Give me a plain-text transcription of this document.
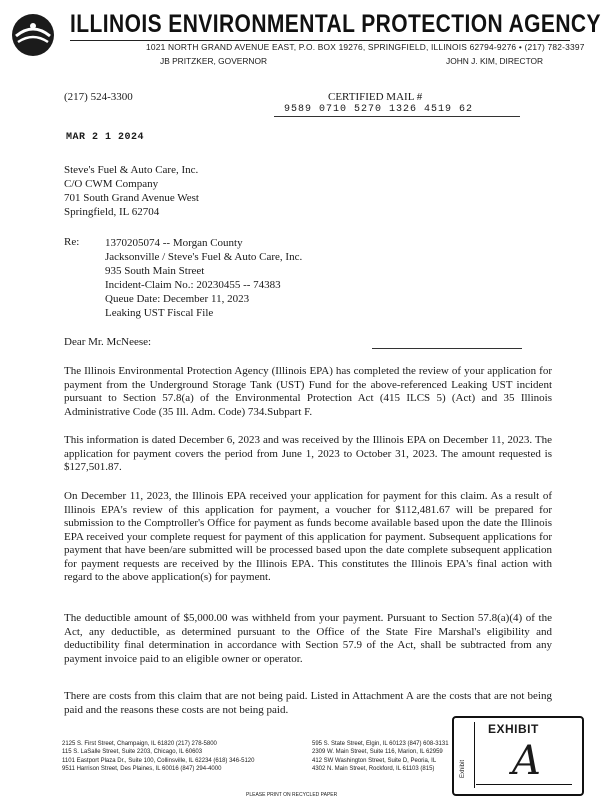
ILLINOIS ENVIRONMENTAL PROTECTION AGENCY
1021 NORTH GRAND AVENUE EAST, P.O. BOX 19276, SPRINGFIELD, ILLINOIS 62794-9276 • (217) 782-3397
JB PRITZKER, GOVERNOR	JOHN J. KIM, DIRECTOR
(217) 524-3300	CERTIFIED MAIL #
9589 0710 5270 1326 4519 62
MAR 2 1 2024
Steve's Fuel & Auto Care, Inc.
C/O CWM Company
701 South Grand Avenue West
Springfield, IL 62704
Re: 1370205074 -- Morgan County
Jacksonville / Steve's Fuel & Auto Care, Inc.
935 South Main Street
Incident-Claim No.: 20230455 -- 74383
Queue Date: December 11, 2023
Leaking UST Fiscal File
Dear Mr. McNeese:
The Illinois Environmental Protection Agency (Illinois EPA) has completed the review of your application for payment from the Underground Storage Tank (UST) Fund for the above-referenced Leaking UST incident pursuant to Section 57.8(a) of the Environmental Protection Act (415 ILCS 5) (Act) and 35 Illinois Administrative Code (35 Ill. Adm. Code) 734.Subpart F.
This information is dated December 6, 2023 and was received by the Illinois EPA on December 11, 2023. The application for payment covers the period from June 1, 2023 to October 31, 2023. The amount requested is $127,501.87.
On December 11, 2023, the Illinois EPA received your application for payment for this claim. As a result of Illinois EPA's review of this application for payment, a voucher for $112,481.67 will be prepared for submission to the Comptroller's Office for payment as funds become available based upon the date the Illinois EPA received your complete request for payment of this application for payment. Subsequent applications for payment that have been/are submitted will be processed based upon the date complete subsequent application for payment requests are received by the Illinois EPA. This constitutes the Illinois EPA's final action with regard to the above application(s) for payment.
The deductible amount of $5,000.00 was withheld from your payment. Pursuant to Section 57.8(a)(4) of the Act, any deductible, as determined pursuant to the Office of the State Fire Marshal's eligibility and deductibility final determination in accordance with Section 57.9 of the Act, shall be subtracted from any payment invoice paid to an eligible owner or operator.
There are costs from this claim that are not being paid. Listed in Attachment A are the costs that are not being paid and the reasons these costs are not being paid.
2125 S. First Street, Champaign, IL 61820 (217) 278-5800
115 S. LaSalle Street, Suite 2203, Chicago, IL 60603
1101 Eastport Plaza Dr., Suite 100, Collinsville, IL 62234 (618) 346-5120
9511 Harrison Street, Des Plaines, IL 60016 (847) 294-4000
595 S. State Street, Elgin, IL 60123 (847) 608-3131
2309 W. Main Street, Suite 116, Marion, IL 62959
412 SW Washington Street, Suite D, Peoria, IL
4302 N. Main Street, Rockford, IL 61103 (815)
PLEASE PRINT ON RECYCLED PAPER
EXHIBIT
Exhibit A
